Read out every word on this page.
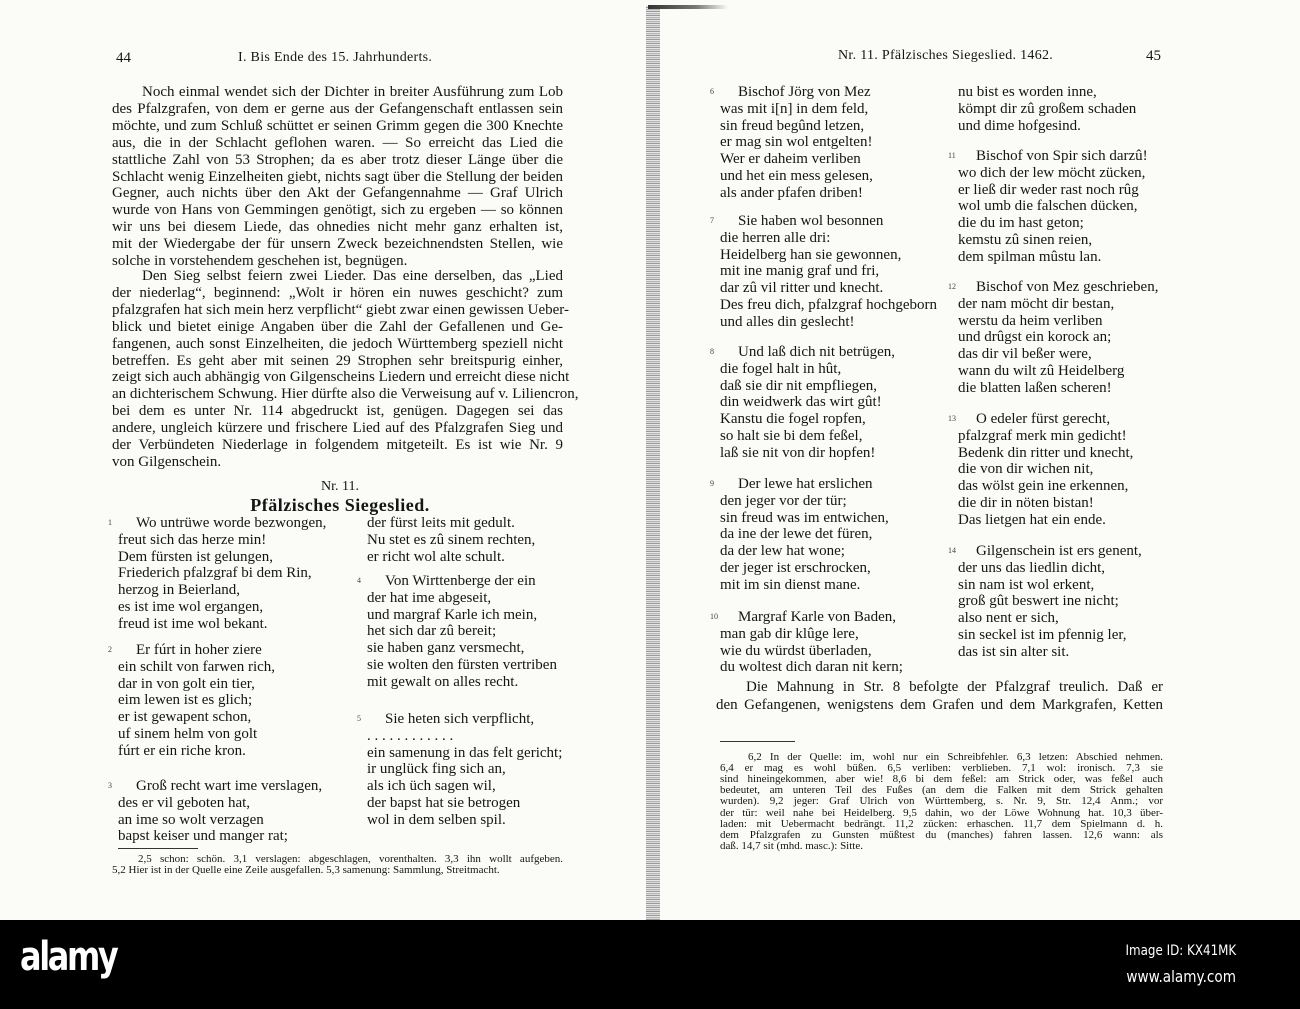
44	I. Bis Ende des 15. Jahrhunderts.
Noch einmal wendet sich der Dichter in breiter Ausführung zum Lob
des Pfalzgrafen, von dem er gerne aus der Gefangenschaft entlassen sein
möchte, und zum Schluß schüttet er seinen Grimm gegen die 300 Knechte
aus, die in der Schlacht geflohen waren. — So erreicht das Lied die
stattliche Zahl von 53 Strophen; da es aber trotz dieser Länge über die
Schlacht wenig Einzelheiten giebt, nichts sagt über die Stellung der beiden
Gegner, auch nichts über den Akt der Gefangennahme — Graf Ulrich
wurde von Hans von Gemmingen genötigt, sich zu ergeben — so können
wir uns bei diesem Liede, das ohnedies nicht mehr ganz erhalten ist,
mit der Wiedergabe der für unsern Zweck bezeichnendsten Stellen, wie
solche in vorstehendem geschehen ist, begnügen.
Den Sieg selbst feiern zwei Lieder. Das eine derselben, das „Lied
der niederlag“, beginnend: „Wolt ir hören ein nuwes geschicht? zum
pfalzgrafen hat sich mein herz verpflicht“ giebt zwar einen gewissen Ueber-
blick und bietet einige Angaben über die Zahl der Gefallenen und Ge-
fangenen, auch sonst Einzelheiten, die jedoch Württemberg speziell nicht
betreffen. Es geht aber mit seinen 29 Strophen sehr breitspurig einher,
zeigt sich auch abhängig von Gilgenscheins Liedern und erreicht diese nicht
an dichterischem Schwung. Hier dürfte also die Verweisung auf v. Liliencron,
bei dem es unter Nr. 114 abgedruckt ist, genügen. Dagegen sei das
andere, ungleich kürzere und frischere Lied auf des Pfalzgrafen Sieg und
der Verbündeten Niederlage in folgendem mitgeteilt. Es ist wie Nr. 9
von Gilgenschein.
Nr. 11.
Pfälzisches Siegeslied.
1	Wo untrüwe worde bezwongen,
freut sich das herze min!
Dem fürsten ist gelungen,
Friederich pfalzgraf bi dem Rin,
herzog in Beierland,
es ist ime wol ergangen,
freud ist ime wol bekant.
2	Er fúrt in hoher ziere
ein schilt von farwen rich,
dar in von golt ein tier,
eim lewen ist es glich;
er ist gewapent schon,
uf sinem helm von golt
fúrt er ein riche kron.
3	Groß recht wart ime verslagen,
des er vil geboten hat,
an ime so wolt verzagen
bapst keiser und manger rat;
der fürst leits mit gedult.
Nu stet es zû sinem rechten,
er richt wol alte schult.
4	Von Wirttenberge der ein
der hat ime abgeseit,
und margraf Karle ich mein,
het sich dar zû bereit;
sie haben ganz versmecht,
sie wolten den fürsten vertriben
mit gewalt on alles recht.
5	Sie heten sich verpflicht,
. . . . . . . . . . . .
ein samenung in das felt gericht;
ir unglück fing sich an,
als ich üch sagen wil,
der bapst hat sie betrogen
wol in dem selben spil.
2,5 schon: schön. 3,1 verslagen: abgeschlagen, vorenthalten. 3,3 ihn wollt aufgeben.
5,2 Hier ist in der Quelle eine Zeile ausgefallen. 5,3 samenung: Sammlung, Streitmacht.
Nr. 11. Pfälzisches Siegeslied. 1462.	45
6	Bischof Jörg von Mez
was mit i[n] in dem feld,
sin freud begûnd letzen,
er mag sin wol entgelten!
Wer er daheim verliben
und het ein mess gelesen,
als ander pfafen driben!
7	Sie haben wol besonnen
die herren alle dri:
Heidelberg han sie gewonnen,
mit ine manig graf und fri,
dar zû vil ritter und knecht.
Des freu dich, pfalzgraf hochgeborn
und alles din geslecht!
8	Und laß dich nit betrügen,
die fogel halt in hût,
daß sie dir nit empfliegen,
din weidwerk das wirt gût!
Kanstu die fogel ropfen,
so halt sie bi dem feßel,
laß sie nit von dir hopfen!
9	Der lewe hat erslichen
den jeger vor der tür;
sin freud was im entwichen,
da ine der lewe det füren,
da der lew hat wone;
der jeger ist erschrocken,
mit im sin dienst mane.
10	Margraf Karle von Baden,
man gab dir klûge lere,
wie du würdst überladen,
du woltest dich daran nit kern;
nu bist es worden inne,
kömpt dir zû großem schaden
und dime hofgesind.
11	Bischof von Spir sich darzû!
wo dich der lew möcht zücken,
er ließ dir weder rast noch rûg
wol umb die falschen dücken,
die du im hast geton;
kemstu zû sinen reien,
dem spilman mûstu lan.
12	Bischof von Mez geschrieben,
der nam möcht dir bestan,
werstu da heim verliben
und drûgst ein korock an;
das dir vil beßer were,
wann du wilt zû Heidelberg
die blatten laßen scheren!
13	O edeler fürst gerecht,
pfalzgraf merk min gedicht!
Bedenk din ritter und knecht,
die von dir wichen nit,
das wölst gein ine erkennen,
die dir in nöten bistan!
Das lietgen hat ein ende.
14	Gilgenschein ist ers genent,
der uns das liedlin dicht,
sin nam ist wol erkent,
groß gût beswert ine nicht;
also nent er sich,
sin seckel ist im pfennig ler,
das ist sin alter sit.
Die Mahnung in Str. 8 befolgte der Pfalzgraf treulich. Daß er
den Gefangenen, wenigstens dem Grafen und dem Markgrafen, Ketten
6,2 In der Quelle: im, wohl nur ein Schreibfehler. 6,3 letzen: Abschied nehmen.
6,4 er mag es wohl büßen. 6,5 verliben: verblieben. 7,1 wol: ironisch. 7,3 sie
sind hineingekommen, aber wie! 8,6 bi dem feßel: am Strick oder, was feßel auch
bedeutet, am unteren Teil des Fußes (an dem die Falken mit dem Strick gehalten
wurden). 9,2 jeger: Graf Ulrich von Württemberg, s. Nr. 9, Str. 12,4 Anm.; vor
der tür: weil nahe bei Heidelberg. 9,5 dahin, wo der Löwe Wohnung hat. 10,3 über-
laden: mit Uebermacht bedrängt. 11,2 zücken: erhaschen. 11,7 dem Spielmann d. h.
dem Pfalzgrafen zu Gunsten müßtest du (manches) fahren lassen. 12,6 wann: als
daß. 14,7 sit (mhd. masc.): Sitte.
alamy	Image ID: KX41MK
www.alamy.com
